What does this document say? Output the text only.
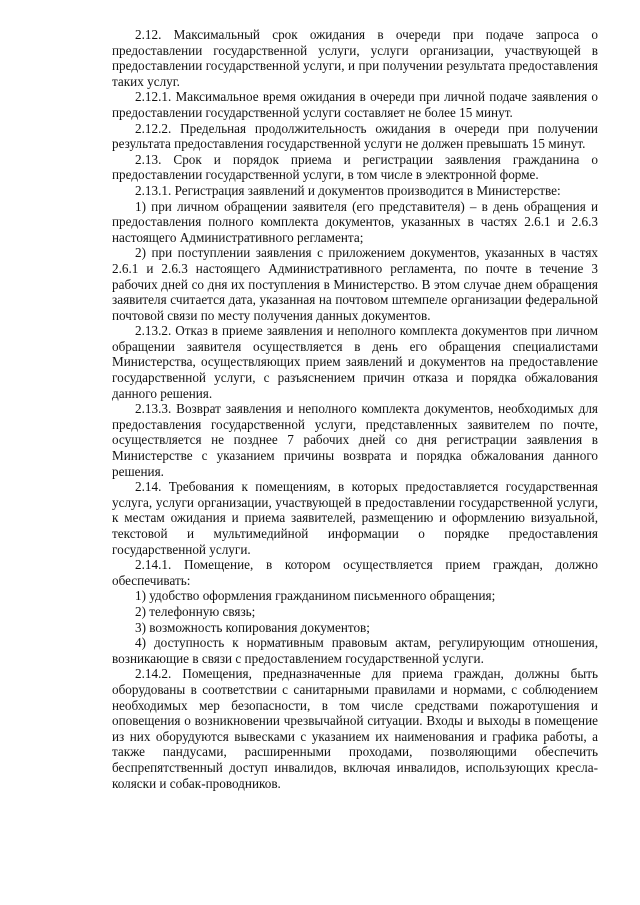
2.12. Максимальный срок ожидания в очереди при подаче запроса о предоставлении государственной услуги, услуги организации, участвующей в предоставлении государственной услуги, и при получении результата предоставления таких услуг.

2.12.1. Максимальное время ожидания в очереди при личной подаче заявления о предоставлении государственной услуги составляет не более 15 минут.

2.12.2. Предельная продолжительность ожидания в очереди при получении результата предоставления государственной услуги не должен превышать 15 минут.

2.13. Срок и порядок приема и регистрации заявления гражданина о предоставлении государственной услуги, в том числе в электронной форме.

2.13.1. Регистрация заявлений и документов производится в Министерстве:

1) при личном обращении заявителя (его представителя) – в день обращения и предоставления полного комплекта документов, указанных в частях 2.6.1 и 2.6.3 настоящего Административного регламента;

2) при поступлении заявления с приложением документов, указанных в частях 2.6.1 и 2.6.3 настоящего Административного регламента, по почте в течение 3 рабочих дней со дня их поступления в Министерство. В этом случае днем обращения заявителя считается дата, указанная на почтовом штемпеле организации федеральной почтовой связи по месту получения данных документов.

2.13.2. Отказ в приеме заявления и неполного комплекта документов при личном обращении заявителя осуществляется в день его обращения специалистами Министерства, осуществляющих прием заявлений и документов на предоставление государственной услуги, с разъяснением причин отказа и порядка обжалования данного решения.

2.13.3. Возврат заявления и неполного комплекта документов, необходимых для предоставления государственной услуги, представленных заявителем по почте, осуществляется не позднее 7 рабочих дней со дня регистрации заявления в Министерстве с указанием причины возврата и порядка обжалования данного решения.

2.14. Требования к помещениям, в которых предоставляется государственная услуга, услуги организации, участвующей в предоставлении государственной услуги, к местам ожидания и приема заявителей, размещению и оформлению визуальной, текстовой и мультимедийной информации о порядке предоставления государственной услуги.

2.14.1. Помещение, в котором осуществляется прием граждан, должно обеспечивать:

1) удобство оформления гражданином письменного обращения;

2) телефонную связь;

3) возможность копирования документов;

4) доступность к нормативным правовым актам, регулирующим отношения, возникающие в связи с предоставлением государственной услуги.

2.14.2. Помещения, предназначенные для приема граждан, должны быть оборудованы в соответствии с санитарными правилами и нормами, с соблюдением необходимых мер безопасности, в том числе средствами пожаротушения и оповещения о возникновении чрезвычайной ситуации. Входы и выходы в помещение из них оборудуются вывесками с указанием их наименования и графика работы, а также пандусами, расширенными проходами, позволяющими обеспечить беспрепятственный доступ инвалидов, включая инвалидов, использующих кресла-коляски и собак-проводников.
